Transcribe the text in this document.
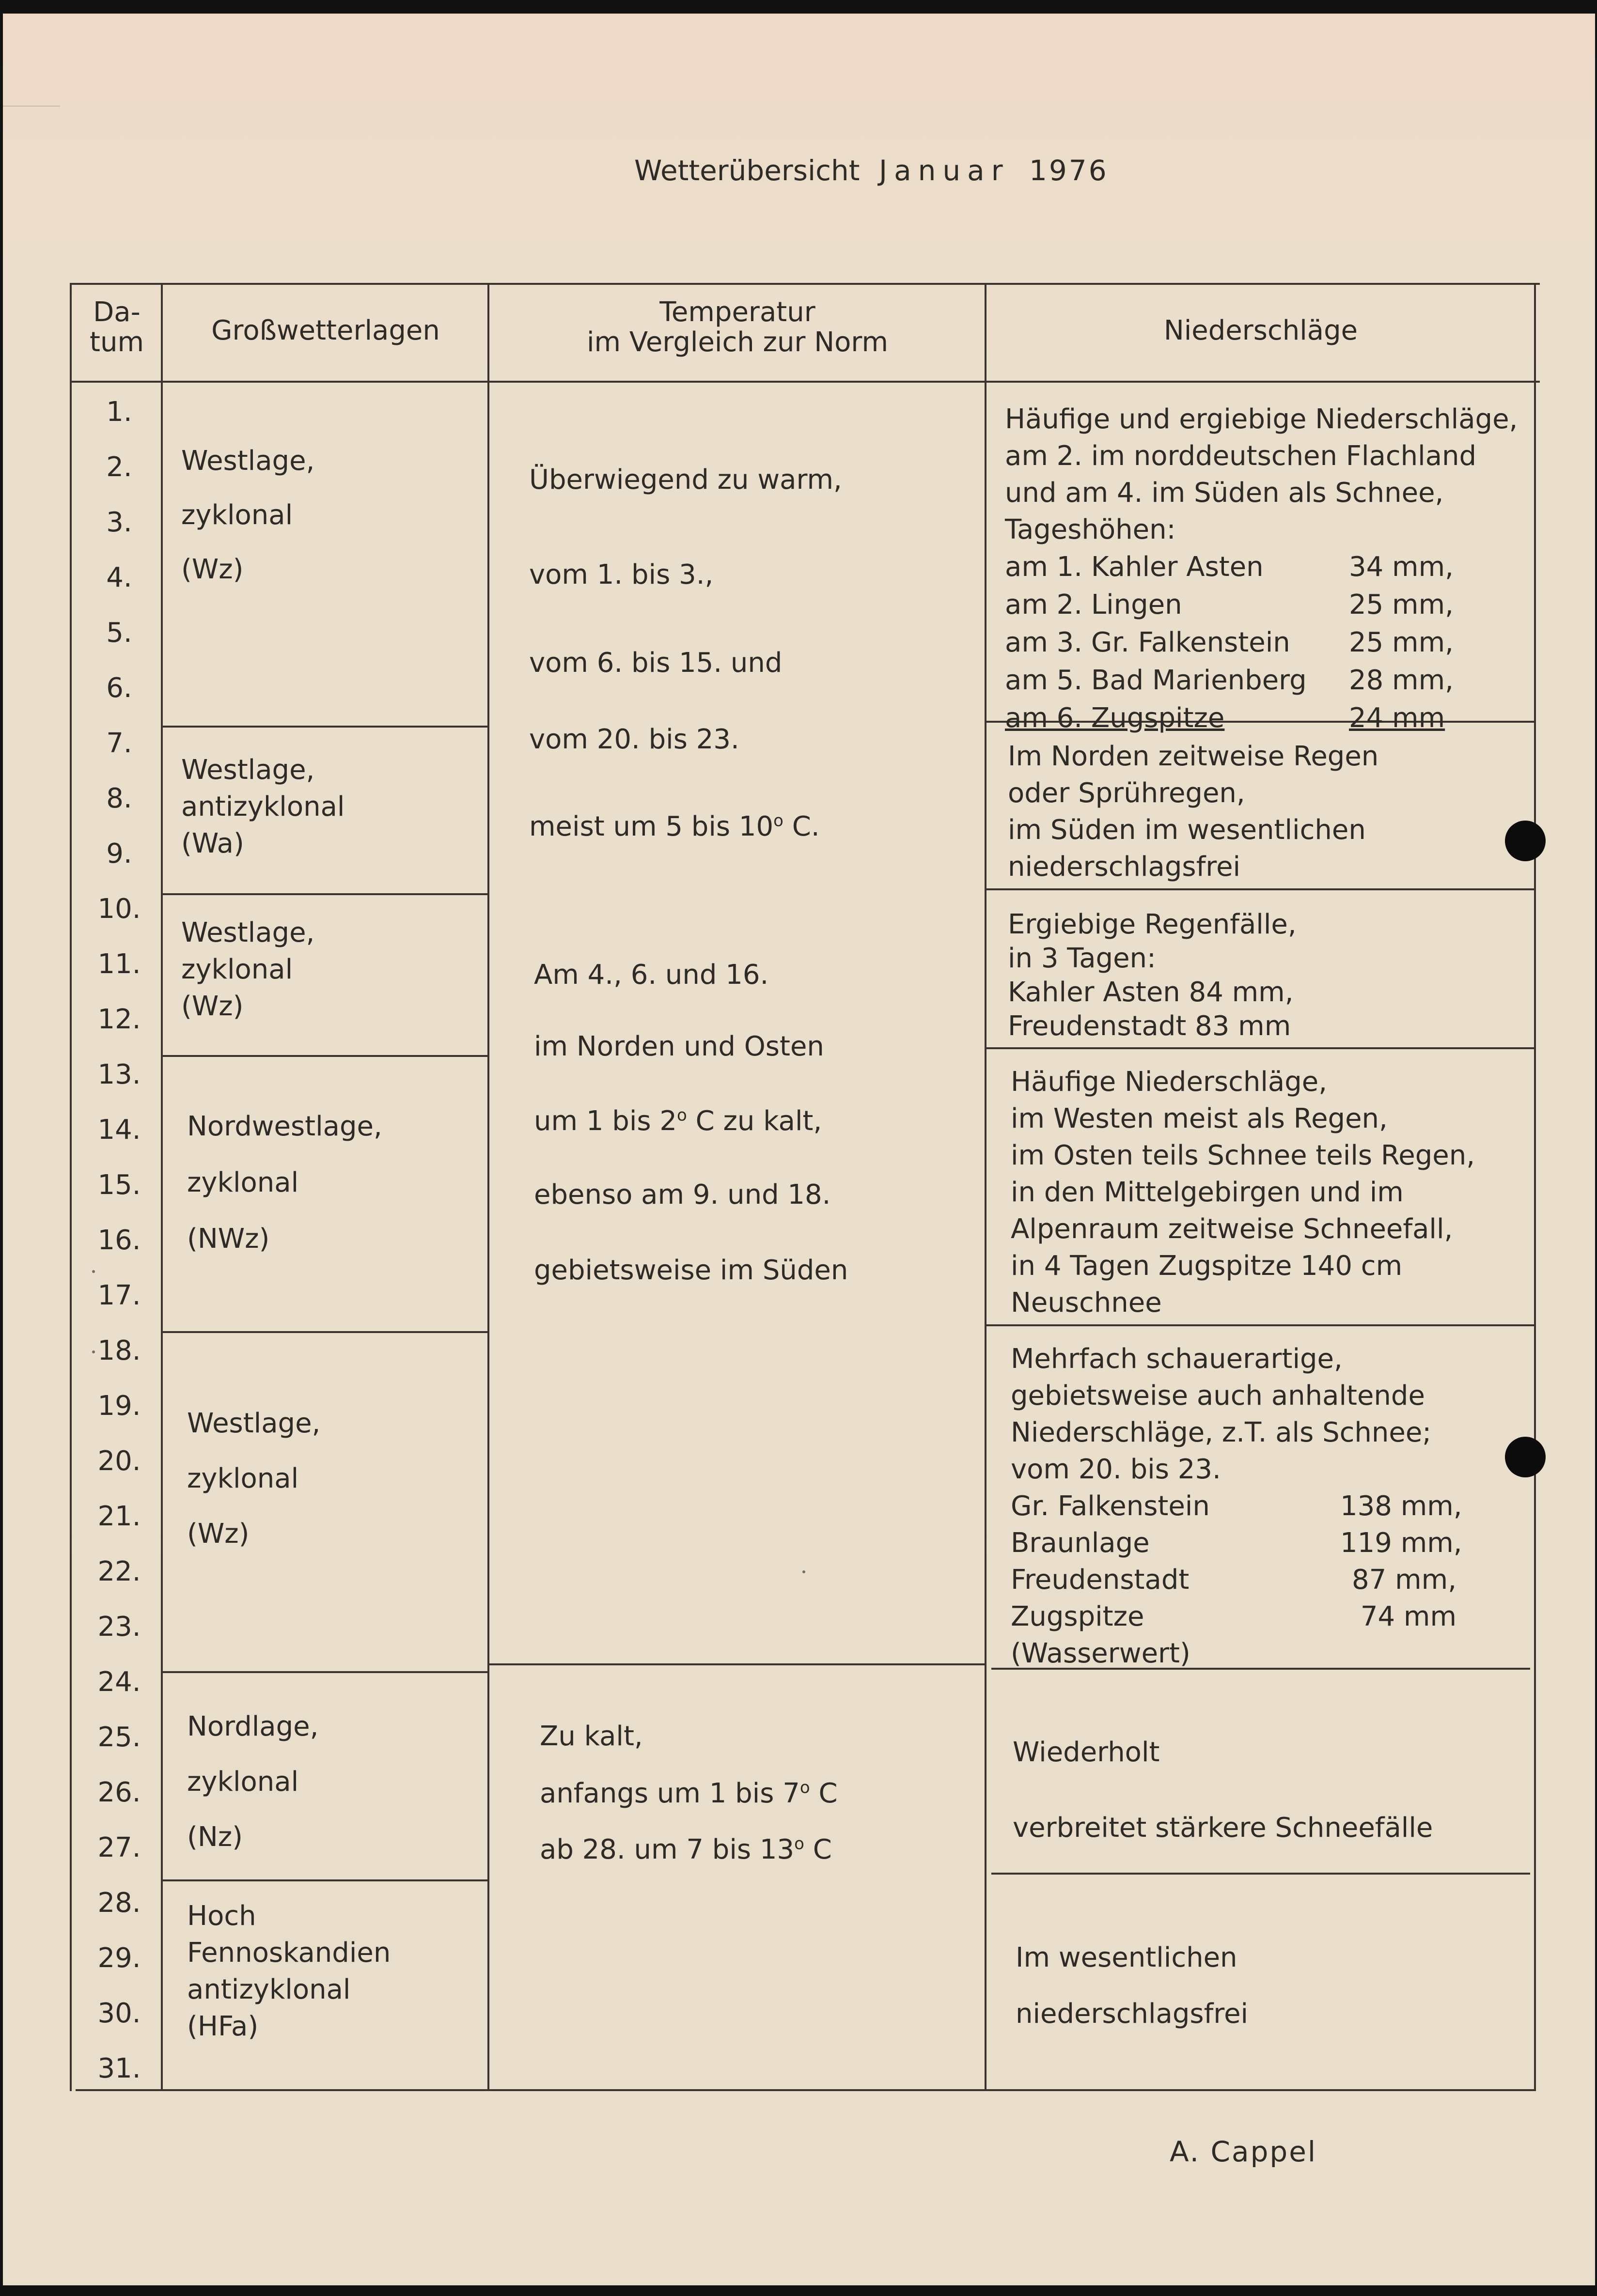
Wetterübersicht Januar 1976
Da-
tum	Großwetterlagen
Temperatur
im Vergleich zur Norm	Niederschläge
1.
2.
3.
4.
5.
6.
7.
8.
9.
10.
11.
12.
13.
14.
15.
16.
17.
18.
19.
20.
21.
22.
23.
24.
25.
26.
27.
28.
29.
30.
31.
Westlage,
zyklonal
(Wz)
Westlage,
antizyklonal
(Wa)
Westlage,
zyklonal
(Wz)
Nordwestlage,
zyklonal
(NWz)
Westlage,
zyklonal
(Wz)
Nordlage,
zyklonal
(Nz)
Hoch
Fennoskandien
antizyklonal
(HFa)
Überwiegend zu warm,
vom 1. bis 3.,
vom 6. bis 15. und
vom 20. bis 23.
meist um 5 bis 10$^o$ C.
Am 4., 6. und 16.
im Norden und Osten
um 1 bis 2$^o$ C zu kalt,
ebenso am 9. und 18.
gebietsweise im Süden
Zu kalt,
anfangs um 1 bis 7$^o$ C
ab 28. um 7 bis 13$^o$ C
Häufige und ergiebige Niederschläge,
am 2. im norddeutschen Flachland
und am 4. im Süden als Schnee,
Tageshöhen:
am 1. Kahler Asten
am 2. Lingen
am 3. Gr. Falkenstein
am 5. Bad Marienberg
am 6. Zugspitze
34 mm,
25 mm,
25 mm,
28 mm,
24 mm
Im Norden zeitweise Regen
oder Sprühregen,
im Süden im wesentlichen
niederschlagsfrei
Ergiebige Regenfälle,
in 3 Tagen:
Kahler Asten 84 mm,
Freudenstadt 83 mm
Häufige Niederschläge,
im Westen meist als Regen,
im Osten teils Schnee teils Regen,
in den Mittelgebirgen und im
Alpenraum zeitweise Schneefall,
in 4 Tagen Zugspitze 140 cm
Neuschnee
Mehrfach schauerartige,
gebietsweise auch anhaltende
Niederschläge, z.T. als Schnee;
vom 20. bis 23.
Gr. Falkenstein
Braunlage
Freudenstadt
Zugspitze
(Wasserwert)
138 mm,
119 mm,
87 mm,
74 mm
Wiederholt
verbreitet stärkere Schneefälle
Im wesentlichen
niederschlagsfrei
A. Cappel
